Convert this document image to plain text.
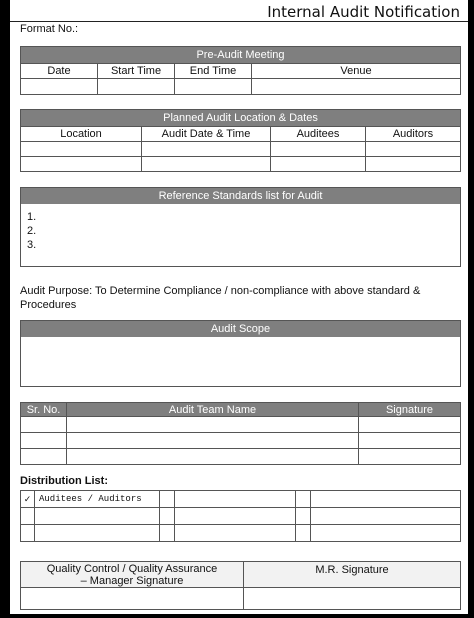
Internal Audit Notification
Format No.:
Pre-Audit Meeting			
Date	Start Time	End Time	Venue

Planned Audit Location & Dates			
Location	Audit Date & Time	Auditees	Auditors

Reference Standards list for Audit
1.
2.
3.
Audit Purpose: To Determine Compliance / non-compliance with above standard & Procedures
Audit Scope
Sr. No.	Audit Team Name	Signature

Distribution List:
✓	Auditees / Auditors				

Quality Control / Quality Assurance
– Manager Signature	M.R. Signature
